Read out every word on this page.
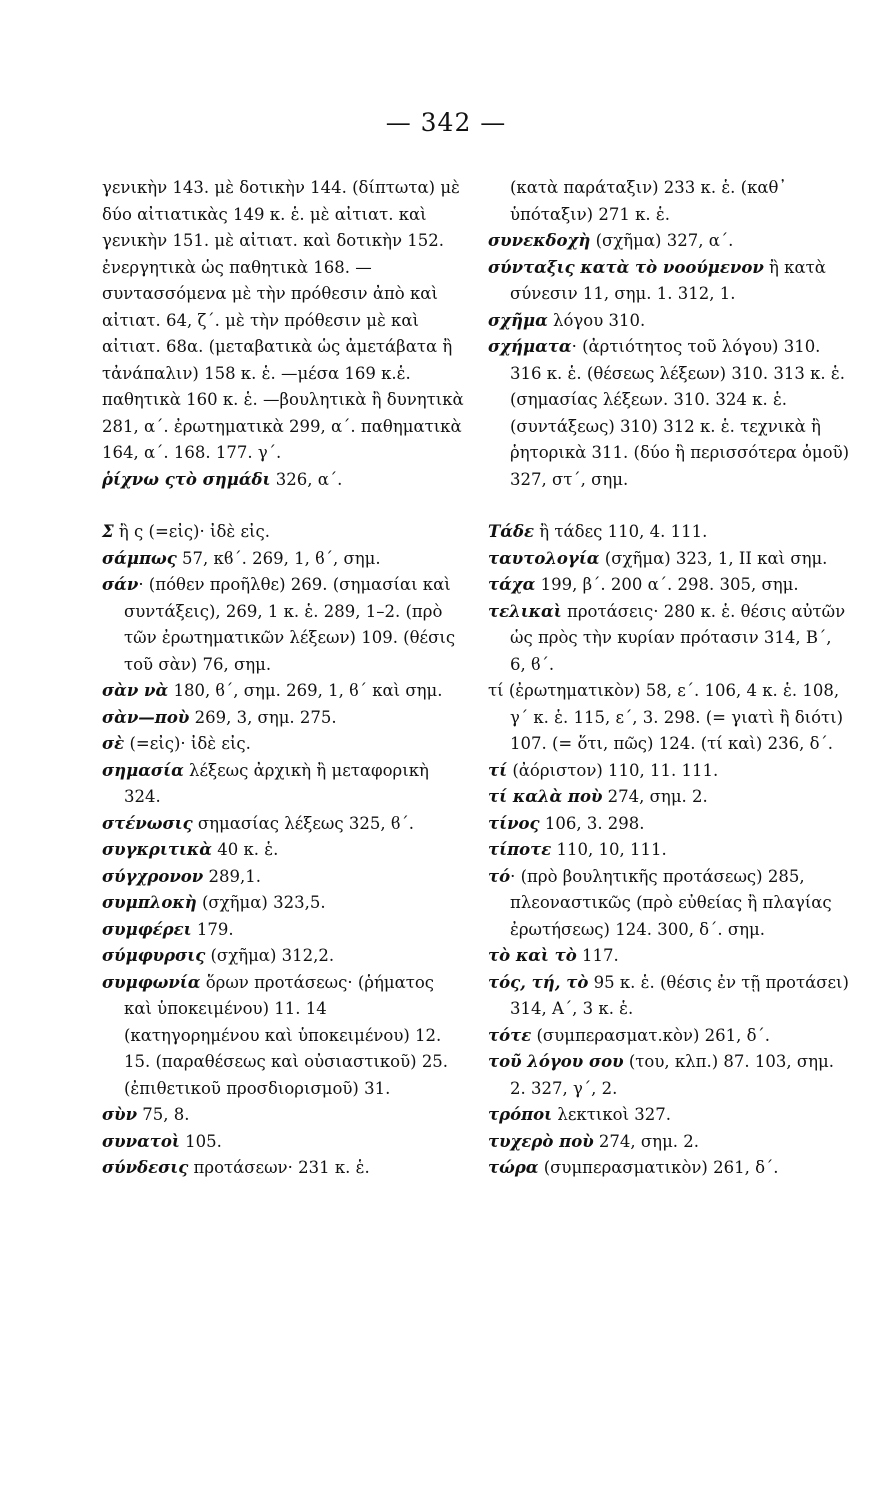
— 342 —
γενικὴν 143. μὲ δοτικὴν 144. (δίπτωτα) μὲ δύο αἰτιατικὰς 149 κ. ἑ. μὲ αἰτιατ. καὶ γενικὴν 151. μὲ αἰτιατ. καὶ δοτικὴν 152. ἐνεργητικὰ ὡς παθητικὰ 168. —συντασσόμενα μὲ τὴν πρόθεσιν ἀπὸ καὶ αἰτιατ. 64, ζ΄. μὲ τὴν πρόθεσιν μὲ καὶ αἰτιατ. 68α. (μεταβατικὰ ὡς ἀμετάβατα ἢ τἀνάπαλιν) 158 κ. ἑ. —μέσα 169 κ.ἑ. παθητικὰ 160 κ. ἑ. —βουλητικὰ ἢ δυνητικὰ 281, α΄. ἐρωτηματικὰ 299, α΄. παθηματικὰ 164, α΄. 168. 177. γ΄.
ῥίχνω ςτὸ σημάδι 326, α΄.
Σ ἢ ς (=εἰς)· ἰδὲ εἰς.
σάμπως 57, κϐ΄. 269, 1, ϐ΄, σημ.
σάν· (πόθεν προῆλθε) 269. (σημασίαι καὶ συντάξεις), 269, 1 κ. ἑ. 289, 1–2. (πρὸ τῶν ἐρωτηματικῶν λέξεων) 109. (θέσις τοῦ σὰν) 76, σημ.
σὰν νὰ 180, ϐ΄, σημ. 269, 1, ϐ΄ καὶ σημ.
σὰν—ποὺ 269, 3, σημ. 275.
σὲ (=εἰς)· ἰδὲ εἰς.
σημασία λέξεως ἀρχικὴ ἢ μεταφορικὴ 324.
στένωσις σημασίας λέξεως 325, ϐ΄.
συγκριτικὰ 40 κ. ἑ.
σύγχρονον 289,1.
συμπλοκὴ (σχῆμα) 323,5.
συμφέρει 179.
σύμφυρσις (σχῆμα) 312,2.
συμφωνία ὅρων προτάσεως· (ῥήματος καὶ ὑποκειμένου) 11. 14 (κατηγορημένου καὶ ὑποκειμένου) 12. 15. (παραθέσεως καὶ οὐσιαστικοῦ) 25. (ἐπιθετικοῦ προσδιορισμοῦ) 31.
σὺν 75, 8.
συνατοὶ 105.
σύνδεσις προτάσεων· 231 κ. ἑ.
(κατὰ παράταξιν) 233 κ. ἑ. (καθ᾽ ὑπόταξιν) 271 κ. ἑ.
συνεκδοχὴ (σχῆμα) 327, α΄.
σύνταξις κατὰ τὸ νοούμενον ἢ κατὰ σύνεσιν 11, σημ. 1. 312, 1.
σχῆμα λόγου 310.
σχήματα· (ἀρτιότητος τοῦ λόγου) 310. 316 κ. ἑ. (θέσεως λέξεων) 310. 313 κ. ἑ. (σημασίας λέξεων. 310. 324 κ. ἑ. (συντάξεως) 310) 312 κ. ἑ. τεχνικὰ ἢ ῥητορικὰ 311. (δύο ἢ περισσότερα ὁμοῦ) 327, στ΄, σημ.
Τάδε ἢ τάδες 110, 4. 111.
ταυτολογία (σχῆμα) 323, 1, II καὶ σημ.
τάχα 199, β΄. 200 α΄. 298. 305, σημ.
τελικαὶ προτάσεις· 280 κ. ἑ. θέσις αὐτῶν ὡς πρὸς τὴν κυρίαν πρότασιν 314, Β΄, 6, ϐ΄.
τί (ἐρωτηματικὸν) 58, ε΄. 106, 4 κ. ἑ. 108, γ΄ κ. ἑ. 115, ε΄, 3. 298. (= γιατὶ ἢ διότι) 107. (= ὅτι, πῶς) 124. (τί καὶ) 236, δ΄.
τί (ἀόριστον) 110, 11. 111.
τί καλὰ ποὺ 274, σημ. 2.
τίνος 106, 3. 298.
τίποτε 110, 10, 111.
τό· (πρὸ βουλητικῆς προτάσεως) 285, πλεοναστικῶς (πρὸ εὐθείας ἢ πλαγίας ἐρωτήσεως) 124. 300, δ΄. σημ.
τὸ καὶ τὸ 117.
τός, τή, τὸ 95 κ. ἑ. (θέσις ἐν τῇ προτάσει) 314, Α΄, 3 κ. ἑ.
τότε (συμπερασματ.κὸν) 261, δ΄.
τοῦ λόγου σου (του, κλπ.) 87. 103, σημ. 2. 327, γ΄, 2.
τρόποι λεκτικοὶ 327.
τυχερὸ ποὺ 274, σημ. 2.
τώρα (συμπερασματικὸν) 261, δ΄.
